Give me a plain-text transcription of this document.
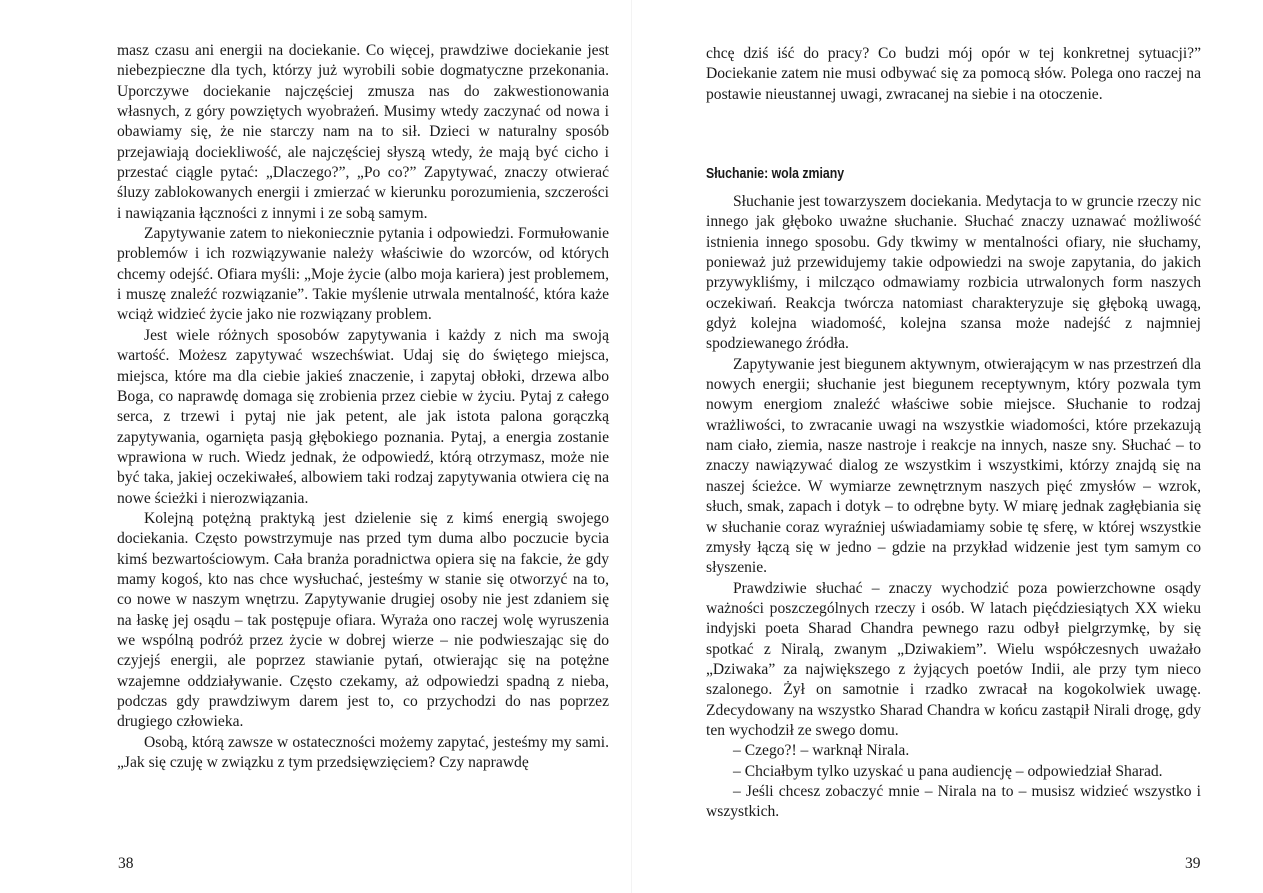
masz czasu ani energii na dociekanie. Co więcej, prawdziwe dociekanie jest niebezpieczne dla tych, którzy już wyrobili sobie dogmatyczne przekonania. Uporczywe dociekanie najczęściej zmusza nas do zakwestionowania własnych, z góry powziętych wyobrażeń. Musimy wtedy zaczynać od nowa i obawiamy się, że nie starczy nam na to sił. Dzieci w naturalny sposób przejawiają dociekliwość, ale najczęściej słyszą wtedy, że mają być cicho i przestać ciągle pytać: „Dlaczego?”, „Po co?” Zapytywać, znaczy otwierać śluzy zablokowanych energii i zmierzać w kierunku porozumienia, szczerości i nawiązania łączności z innymi i ze sobą samym.

Zapytywanie zatem to niekoniecznie pytania i odpowiedzi. Formułowanie problemów i ich rozwiązywanie należy właściwie do wzorców, od których chcemy odejść. Ofiara myśli: „Moje życie (albo moja kariera) jest problemem, i muszę znaleźć rozwiązanie”. Takie myślenie utrwala mentalność, która każe wciąż widzieć życie jako nie rozwiązany problem.

Jest wiele różnych sposobów zapytywania i każdy z nich ma swoją wartość. Możesz zapytywać wszechświat. Udaj się do świętego miejsca, miejsca, które ma dla ciebie jakieś znaczenie, i zapytaj obłoki, drzewa albo Boga, co naprawdę domaga się zrobienia przez ciebie w życiu. Pytaj z całego serca, z trzewi i pytaj nie jak petent, ale jak istota palona gorączką zapytywania, ogarnięta pasją głębokiego poznania. Pytaj, a energia zostanie wprawiona w ruch. Wiedz jednak, że odpowiedź, którą otrzymasz, może nie być taka, jakiej oczekiwałeś, albowiem taki rodzaj zapytywania otwiera cię na nowe ścieżki i nierozwiązania.

Kolejną potężną praktyką jest dzielenie się z kimś energią swojego dociekania. Często powstrzymuje nas przed tym duma albo poczucie bycia kimś bezwartościowym. Cała branża poradnictwa opiera się na fakcie, że gdy mamy kogoś, kto nas chce wysłuchać, jesteśmy w stanie się otworzyć na to, co nowe w naszym wnętrzu. Zapytywanie drugiej osoby nie jest zdaniem się na łaskę jej osądu – tak postępuje ofiara. Wyraża ono raczej wolę wyruszenia we wspólną podróż przez życie w dobrej wierze – nie podwieszając się do czyjejś energii, ale poprzez stawianie pytań, otwierając się na potężne wzajemne oddziaływanie. Często czekamy, aż odpowiedzi spadną z nieba, podczas gdy prawdziwym darem jest to, co przychodzi do nas poprzez drugiego człowieka.

Osobą, którą zawsze w ostateczności możemy zapytać, jesteśmy my sami. „Jak się czuję w związku z tym przedsięwzięciem? Czy naprawdę

38

chcę dziś iść do pracy? Co budzi mój opór w tej konkretnej sytuacji?” Dociekanie zatem nie musi odbywać się za pomocą słów. Polega ono raczej na postawie nieustannej uwagi, zwracanej na siebie i na otoczenie.

Słuchanie: wola zmiany

Słuchanie jest towarzyszem dociekania. Medytacja to w gruncie rzeczy nic innego jak głęboko uważne słuchanie. Słuchać znaczy uznawać możliwość istnienia innego sposobu. Gdy tkwimy w mentalności ofiary, nie słuchamy, ponieważ już przewidujemy takie odpowiedzi na swoje zapytania, do jakich przywykliśmy, i milcząco odmawiamy rozbicia utrwalonych form naszych oczekiwań. Reakcja twórcza natomiast charakteryzuje się głęboką uwagą, gdyż kolejna wiadomość, kolejna szansa może nadejść z najmniej spodziewanego źródła.

Zapytywanie jest biegunem aktywnym, otwierającym w nas przestrzeń dla nowych energii; słuchanie jest biegunem receptywnym, który pozwala tym nowym energiom znaleźć właściwe sobie miejsce. Słuchanie to rodzaj wrażliwości, to zwracanie uwagi na wszystkie wiadomości, które przekazują nam ciało, ziemia, nasze nastroje i reakcje na innych, nasze sny. Słuchać – to znaczy nawiązywać dialog ze wszystkim i wszystkimi, którzy znajdą się na naszej ścieżce. W wymiarze zewnętrznym naszych pięć zmysłów – wzrok, słuch, smak, zapach i dotyk – to odrębne byty. W miarę jednak zagłębiania się w słuchanie coraz wyraźniej uświadamiamy sobie tę sferę, w której wszystkie zmysły łączą się w jedno – gdzie na przykład widzenie jest tym samym co słyszenie.

Prawdziwie słuchać – znaczy wychodzić poza powierzchowne osądy ważności poszczególnych rzeczy i osób. W latach pięćdziesiątych XX wieku indyjski poeta Sharad Chandra pewnego razu odbył pielgrzymkę, by się spotkać z Niralą, zwanym „Dziwakiem”. Wielu współczesnych uważało „Dziwaka” za największego z żyjących poetów Indii, ale przy tym nieco szalonego. Żył on samotnie i rzadko zwracał na kogokolwiek uwagę. Zdecydowany na wszystko Sharad Chandra w końcu zastąpił Nirali drogę, gdy ten wychodził ze swego domu.

– Czego?! – warknął Nirala.

– Chciałbym tylko uzyskać u pana audiencję – odpowiedział Sharad.

– Jeśli chcesz zobaczyć mnie – Nirala na to – musisz widzieć wszystko i wszystkich.

39
